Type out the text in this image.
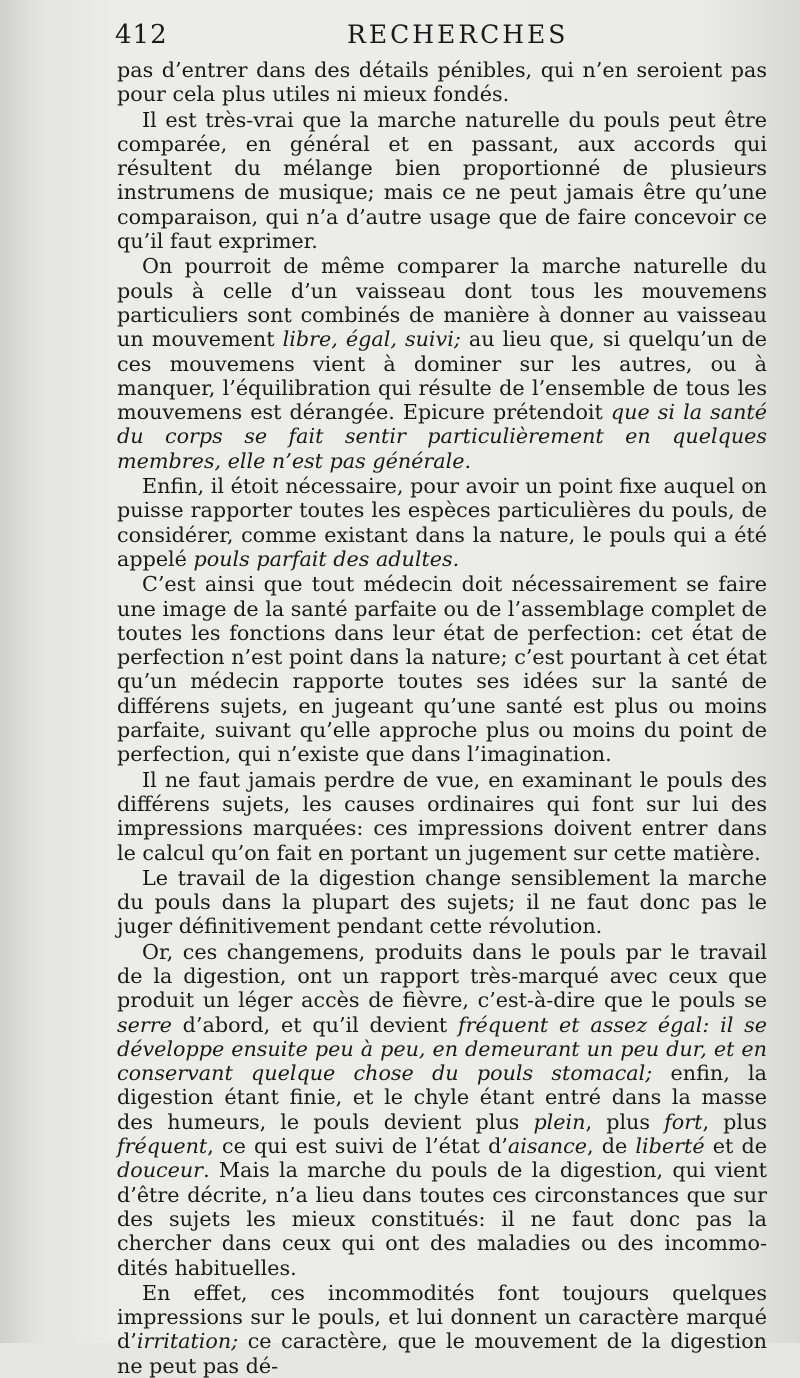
412	RECHERCHES

pas d’entrer dans des détails pénibles, qui n’en seroient pas pour cela plus utiles ni mieux fondés.

Il est très-vrai que la marche naturelle du pouls peut être comparée, en général et en passant, aux accords qui résultent du mélange bien proportionné de plusieurs instrumens de musique; mais ce ne peut jamais être qu’une comparaison, qui n’a d’autre usage que de faire concevoir ce qu’il faut exprimer.

On pourroit de même comparer la marche naturelle du pouls à celle d’un vaisseau dont tous les mouvemens particuliers sont combinés de manière à donner au vaisseau un mouvement libre, égal, suivi; au lieu que, si quelqu’un de ces mouvemens vient à dominer sur les autres, ou à manquer, l’équilibration qui résulte de l’ensemble de tous les mouvemens est dérangée. Epicure prétendoit que si la santé du corps se fait sentir particulièrement en quelques membres, elle n’est pas générale.

Enfin, il étoit nécessaire, pour avoir un point fixe auquel on puisse rapporter toutes les espèces particulières du pouls, de considérer, comme existant dans la nature, le pouls qui a été appelé pouls parfait des adultes.

C’est ainsi que tout médecin doit nécessairement se faire une image de la santé parfaite ou de l’assemblage complet de toutes les fonctions dans leur état de perfection: cet état de perfection n’est point dans la nature; c’est pourtant à cet état qu’un médecin rapporte toutes ses idées sur la santé de différens sujets, en jugeant qu’une santé est plus ou moins parfaite, suivant qu’elle approche plus ou moins du point de perfection, qui n’existe que dans l’imagination.

Il ne faut jamais perdre de vue, en examinant le pouls des différens sujets, les causes ordinaires qui font sur lui des impressions marquées: ces impressions doivent entrer dans le calcul qu’on fait en portant un jugement sur cette matière.

Le travail de la digestion change sensiblement la marche du pouls dans la plupart des sujets; il ne faut donc pas le juger définitivement pendant cette révolution.

Or, ces changemens, produits dans le pouls par le travail de la digestion, ont un rapport très-marqué avec ceux que produit un léger accès de fièvre, c’est-à-dire que le pouls se serre d’abord, et qu’il devient fréquent et assez égal: il se développe ensuite peu à peu, en demeurant un peu dur, et en conservant quelque chose du pouls stomacal; enfin, la digestion étant finie, et le chyle étant entré dans la masse des humeurs, le pouls devient plus plein, plus fort, plus fréquent, ce qui est suivi de l’état d’aisance, de liberté et de douceur. Mais la marche du pouls de la digestion, qui vient d’être décrite, n’a lieu dans toutes ces circonstances que sur des sujets les mieux constitués: il ne faut donc pas la chercher dans ceux qui ont des maladies ou des incommodités habituelles.

En effet, ces incommodités font toujours quelques impressions sur le pouls, et lui donnent un caractère marqué d’irritation; ce caractère, que le mouvement de la digestion ne peut pas dé-
